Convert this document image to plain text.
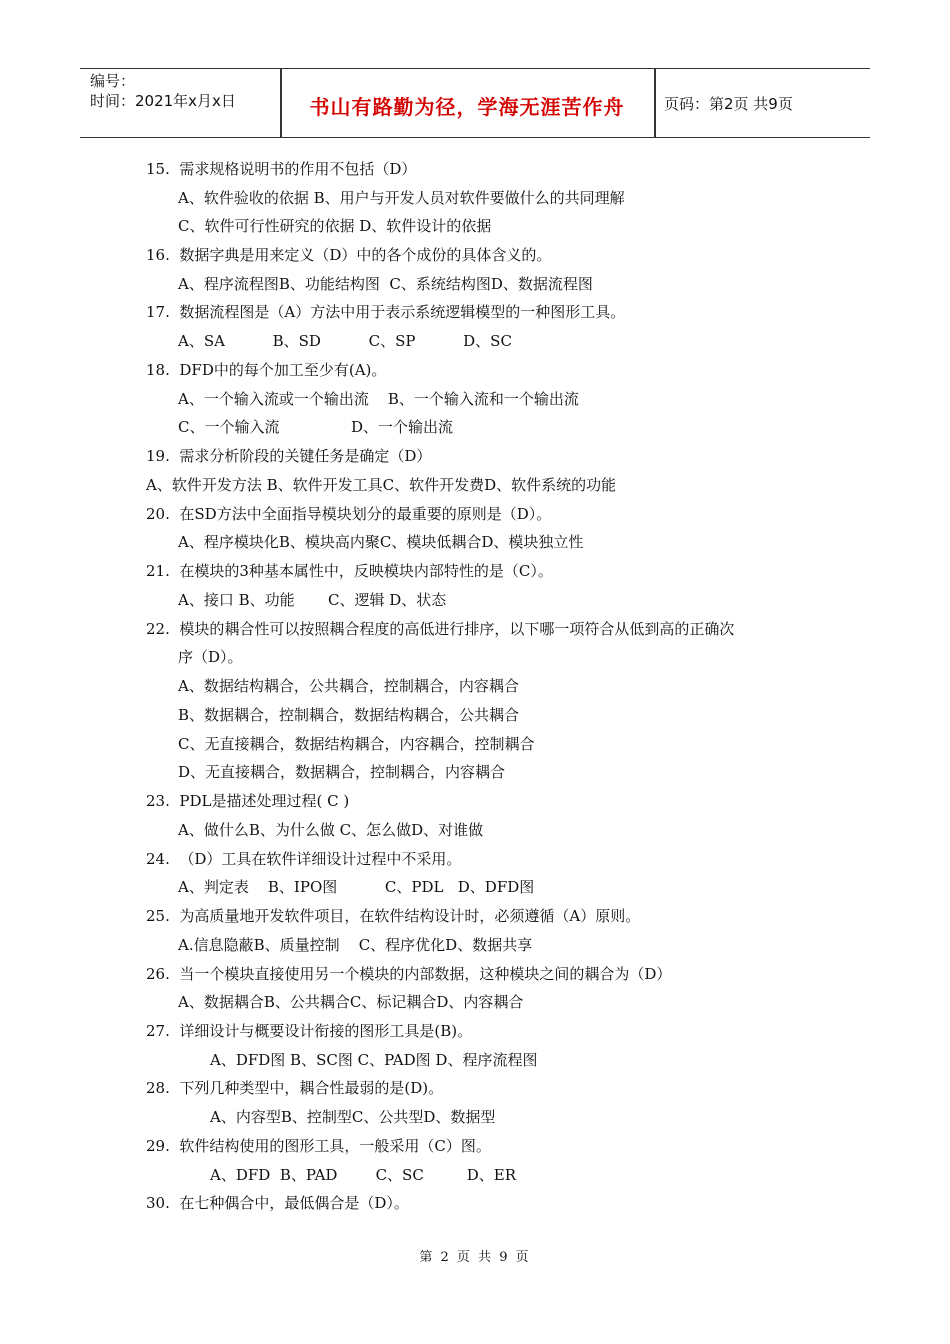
编号：
时间：2021年x月x日	书山有路勤为径，学海无涯苦作舟	页码：第2页 共9页
15.  需求规格说明书的作用不包括（D）
A、软件验收的依据 B、用户与开发人员对软件要做什么的共同理解
C、软件可行性研究的依据 D、软件设计的依据
16.  数据字典是用来定义（D）中的各个成份的具体含义的。
A、程序流程图B、功能结构图  C、系统结构图D、数据流程图
17.  数据流程图是（A）方法中用于表示系统逻辑模型的一种图形工具。
A、SA          B、SD          C、SP          D、SC
18.  DFD中的每个加工至少有(A)。
A、一个输入流或一个输出流    B、一个输入流和一个输出流
C、一个输入流               D、一个输出流
19.  需求分析阶段的关键任务是确定（D）
A、软件开发方法 B、软件开发工具C、软件开发费D、软件系统的功能
20.  在SD方法中全面指导模块划分的最重要的原则是（D）。
A、程序模块化B、模块高内聚C、模块低耦合D、模块独立性
21.  在模块的3种基本属性中，反映模块内部特性的是（C）。
A、接口 B、功能       C、逻辑 D、状态
22.  模块的耦合性可以按照耦合程度的高低进行排序，以下哪一项符合从低到高的正确次
序（D）。
A、数据结构耦合，公共耦合，控制耦合，内容耦合
B、数据耦合，控制耦合，数据结构耦合，公共耦合
C、无直接耦合，数据结构耦合，内容耦合，控制耦合
D、无直接耦合，数据耦合，控制耦合，内容耦合
23.  PDL是描述处理过程( C )
A、做什么B、为什么做 C、怎么做D、对谁做
24.  （D）工具在软件详细设计过程中不采用。
A、判定表    B、IPO图          C、PDL   D、DFD图
25.  为高质量地开发软件项目，在软件结构设计时，必须遵循（A）原则。
A.信息隐蔽B、质量控制    C、程序优化D、数据共享
26.  当一个模块直接使用另一个模块的内部数据，这种模块之间的耦合为（D）
A、数据耦合B、公共耦合C、标记耦合D、内容耦合
27.  详细设计与概要设计衔接的图形工具是(B)。
A、DFD图 B、SC图 C、PAD图 D、程序流程图
28.  下列几种类型中，耦合性最弱的是(D)。
A、内容型B、控制型C、公共型D、数据型
29.  软件结构使用的图形工具，一般采用（C）图。
A、DFD  B、PAD        C、SC         D、ER
30.  在七种偶合中，最低偶合是（D）。
第 2 页 共 9 页
